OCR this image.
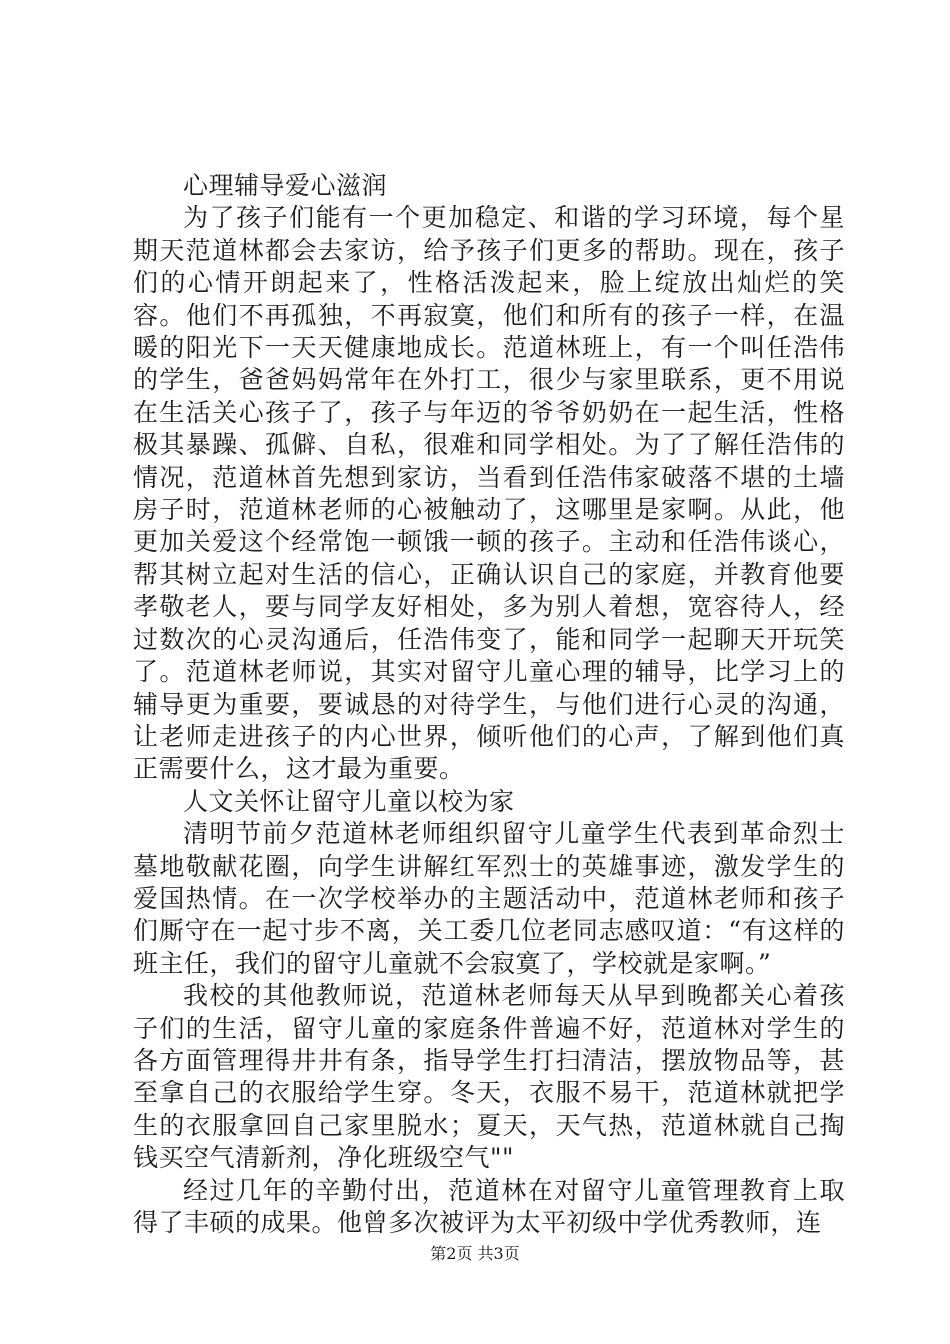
心理辅导爱心滋润

为了孩子们能有一个更加稳定、和谐的学习环境，每个星期天范道林都会去家访，给予孩子们更多的帮助。现在，孩子们的心情开朗起来了，性格活泼起来，脸上绽放出灿烂的笑容。他们不再孤独，不再寂寞，他们和所有的孩子一样，在温暖的阳光下一天天健康地成长。范道林班上，有一个叫任浩伟的学生，爸爸妈妈常年在外打工，很少与家里联系，更不用说在生活关心孩子了，孩子与年迈的爷爷奶奶在一起生活，性格极其暴躁、孤僻、自私，很难和同学相处。为了了解任浩伟的情况，范道林首先想到家访，当看到任浩伟家破落不堪的土墙房子时，范道林老师的心被触动了，这哪里是家啊。从此，他更加关爱这个经常饱一顿饿一顿的孩子。主动和任浩伟谈心，帮其树立起对生活的信心，正确认识自己的家庭，并教育他要孝敬老人，要与同学友好相处，多为别人着想，宽容待人，经过数次的心灵沟通后，任浩伟变了，能和同学一起聊天开玩笑了。范道林老师说，其实对留守儿童心理的辅导，比学习上的辅导更为重要，要诚恳的对待学生，与他们进行心灵的沟通，让老师走进孩子的内心世界，倾听他们的心声，了解到他们真正需要什么，这才最为重要。

人文关怀让留守儿童以校为家

清明节前夕范道林老师组织留守儿童学生代表到革命烈士墓地敬献花圈，向学生讲解红军烈士的英雄事迹，激发学生的爱国热情。在一次学校举办的主题活动中，范道林老师和孩子们厮守在一起寸步不离，关工委几位老同志感叹道：“有这样的班主任，我们的留守儿童就不会寂寞了，学校就是家啊。”

我校的其他教师说，范道林老师每天从早到晚都关心着孩子们的生活，留守儿童的家庭条件普遍不好，范道林对学生的各方面管理得井井有条，指导学生打扫清洁，摆放物品等，甚至拿自己的衣服给学生穿。冬天，衣服不易干，范道林就把学生的衣服拿回自己家里脱水；夏天，天气热，范道林就自己掏钱买空气清新剂，净化班级空气""

经过几年的辛勤付出，范道林在对留守儿童管理教育上取得了丰硕的成果。他曾多次被评为太平初级中学优秀教师，连

第2页 共3页
